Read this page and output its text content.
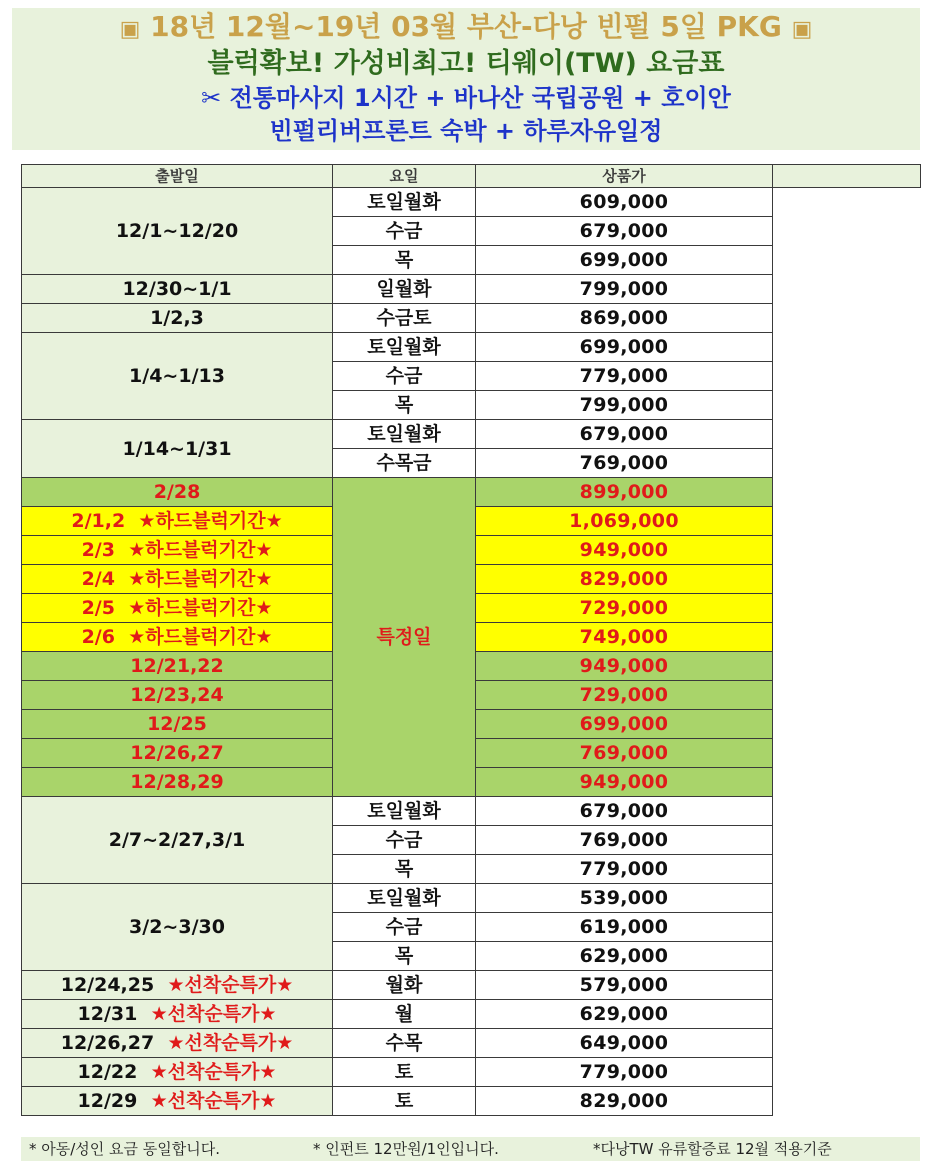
▣ 18년 12월~19년 03월 부산-다낭 빈펄 5일 PKG ▣
블럭확보! 가성비최고! 티웨이(TW) 요금표
✂ 전통마사지 1시간 + 바나산 국립공원 + 호이안
빈펄리버프론트 숙박 + 하루자유일정
출발일	요일	상품가	
12/1~12/20	토일월화	609,000	
	수금	679,000	
	목	699,000	
12/30~1/1	일월화	799,000	
1/2,3	수금토	869,000	
1/4~1/13	토일월화	699,000	
	수금	779,000	
	목	799,000	
1/14~1/31	토일월화	679,000	
	수목금	769,000	
2/28	특정일	899,000	
2/1,2 ★하드블럭기간★		1,069,000	
2/3 ★하드블럭기간★		949,000	
2/4 ★하드블럭기간★		829,000	
2/5 ★하드블럭기간★		729,000	
2/6 ★하드블럭기간★		749,000	
12/21,22		949,000	
12/23,24		729,000	
12/25		699,000	
12/26,27		769,000	
12/28,29		949,000	
2/7~2/27,3/1	토일월화	679,000	
	수금	769,000	
	목	779,000	
3/2~3/30	토일월화	539,000	
	수금	619,000	
	목	629,000	
12/24,25 ★선착순특가★	월화	579,000	
12/31 ★선착순특가★	월	629,000	
12/26,27 ★선착순특가★	수목	649,000	
12/22 ★선착순특가★	토	779,000	
12/29 ★선착순특가★	토	829,000	
* 아동/성인 요금 동일합니다.	* 인펀트 12만원/1인입니다.	*다낭TW 유류할증료 12월 적용기준
